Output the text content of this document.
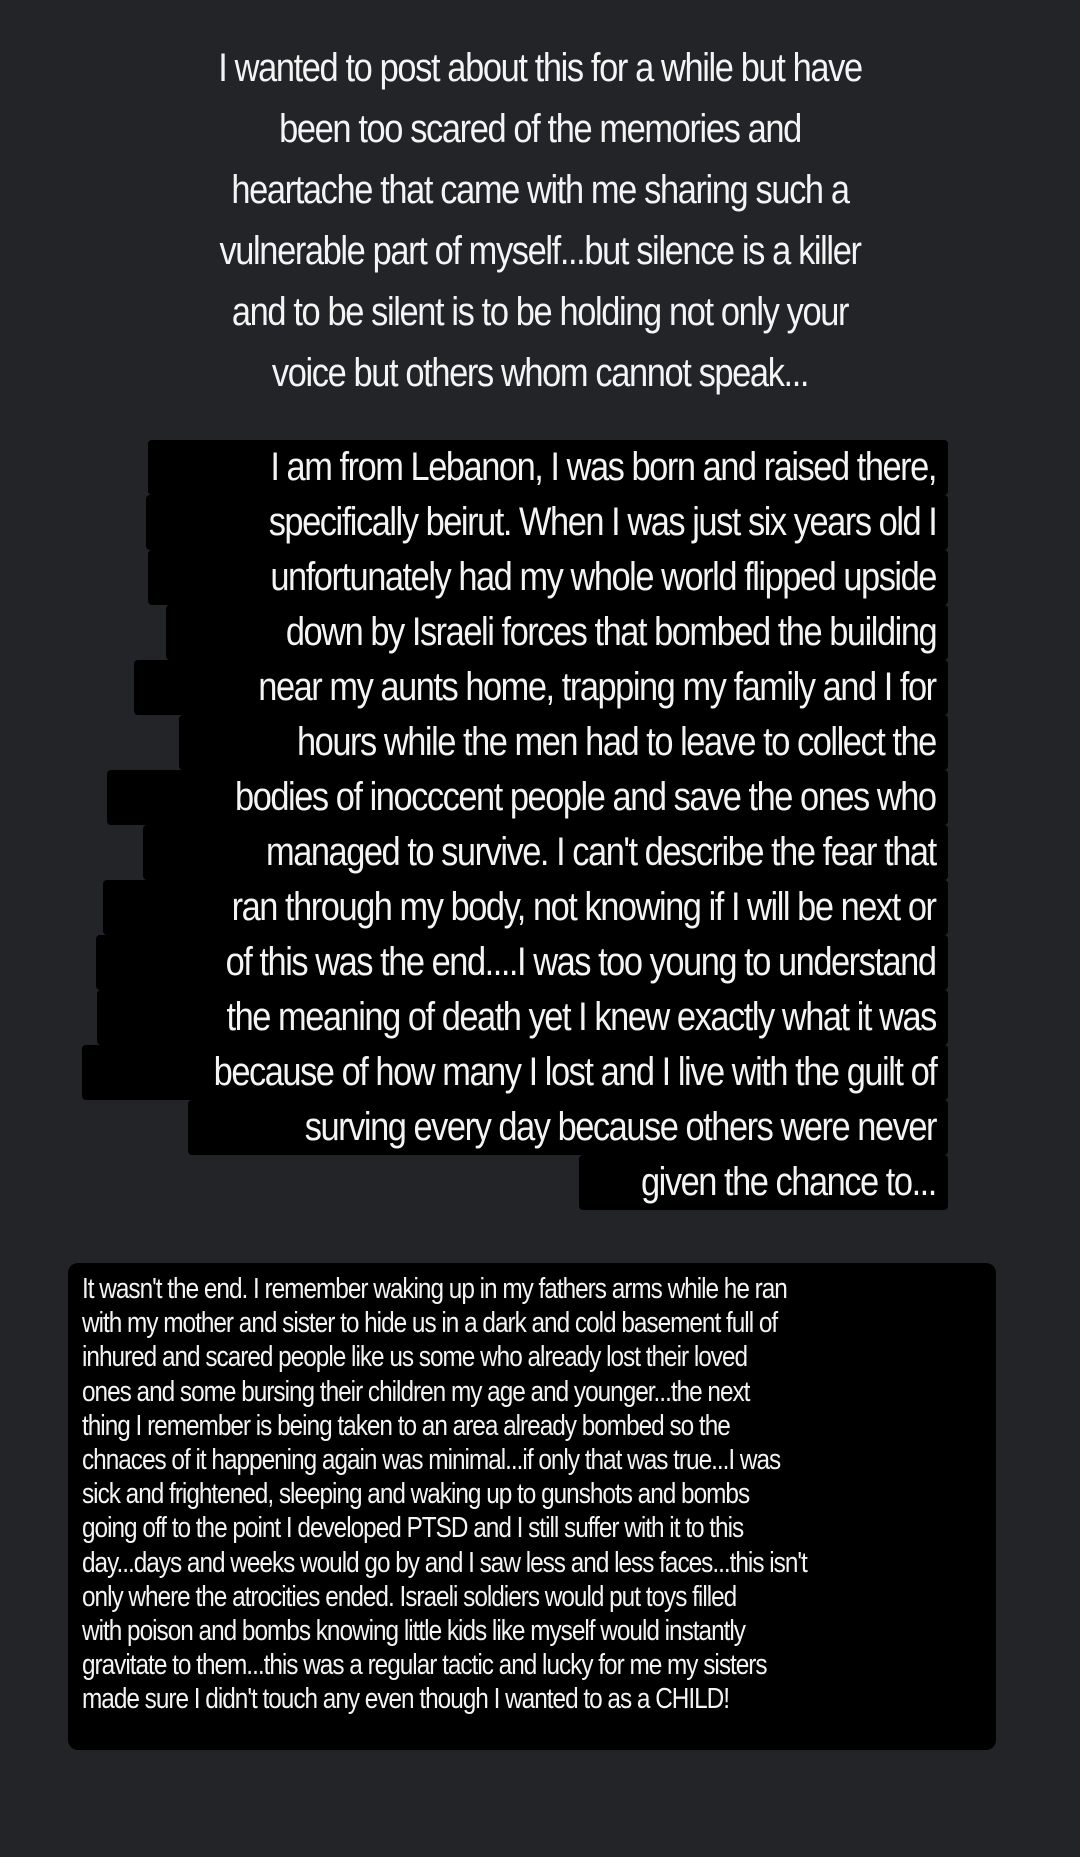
I wanted to post about this for a while but have
been too scared of the memories and
heartache that came with me sharing such a
vulnerable part of myself...but silence is a killer
and to be silent is to be holding not only your
voice but others whom cannot speak...
I am from Lebanon, I was born and raised there,
specifically beirut. When I was just six years old I
unfortunately had my whole world flipped upside
down by Israeli forces that bombed the building
near my aunts home, trapping my family and I for
hours while the men had to leave to collect the
bodies of inocccent people and save the ones who
managed to survive. I can't describe the fear that
ran through my body, not knowing if I will be next or
of this was the end....I was too young to understand
the meaning of death yet I knew exactly what it was
because of how many I lost and I live with the guilt of
surving every day because others were never
given the chance to...
It wasn't the end. I remember waking up in my fathers arms while he ran
with my mother and sister to hide us in a dark and cold basement full of
inhured and scared people like us some who already lost their loved
ones and some bursing their children my age and younger...the next
thing I remember is being taken to an area already bombed so the
chnaces of it happening again was minimal...if only that was true...I was
sick and frightened, sleeping and waking up to gunshots and bombs
going off to the point I developed PTSD and I still suffer with it to this
day...days and weeks would go by and I saw less and less faces...this isn't
only where the atrocities ended. Israeli soldiers would put toys filled
with poison and bombs knowing little kids like myself would instantly
gravitate to them...this was a regular tactic and lucky for me my sisters
made sure I didn't touch any even though I wanted to as a CHILD!
